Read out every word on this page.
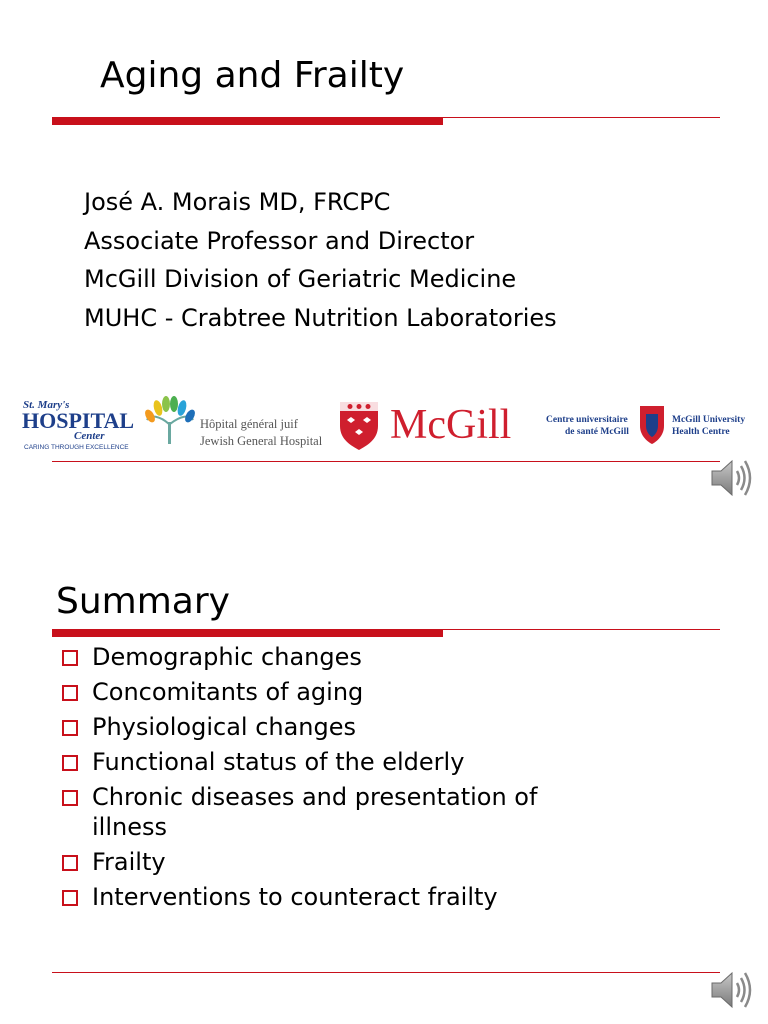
Aging and Frailty
José A. Morais MD, FRCPC
Associate Professor and Director
McGill Division of Geriatric Medicine
MUHC - Crabtree Nutrition Laboratories
St. Mary's
HOSPITAL
Center
CARING THROUGH EXCELLENCE
Hôpital général juif
Jewish General Hospital McGill	Centre universitaire
de santé McGill
McGill University
Health Centre
Summary
Demographic changes
Concomitants of aging
Physiological changes
Functional status of the elderly
Chronic diseases and presentation of illness
Frailty
Interventions to counteract frailty
